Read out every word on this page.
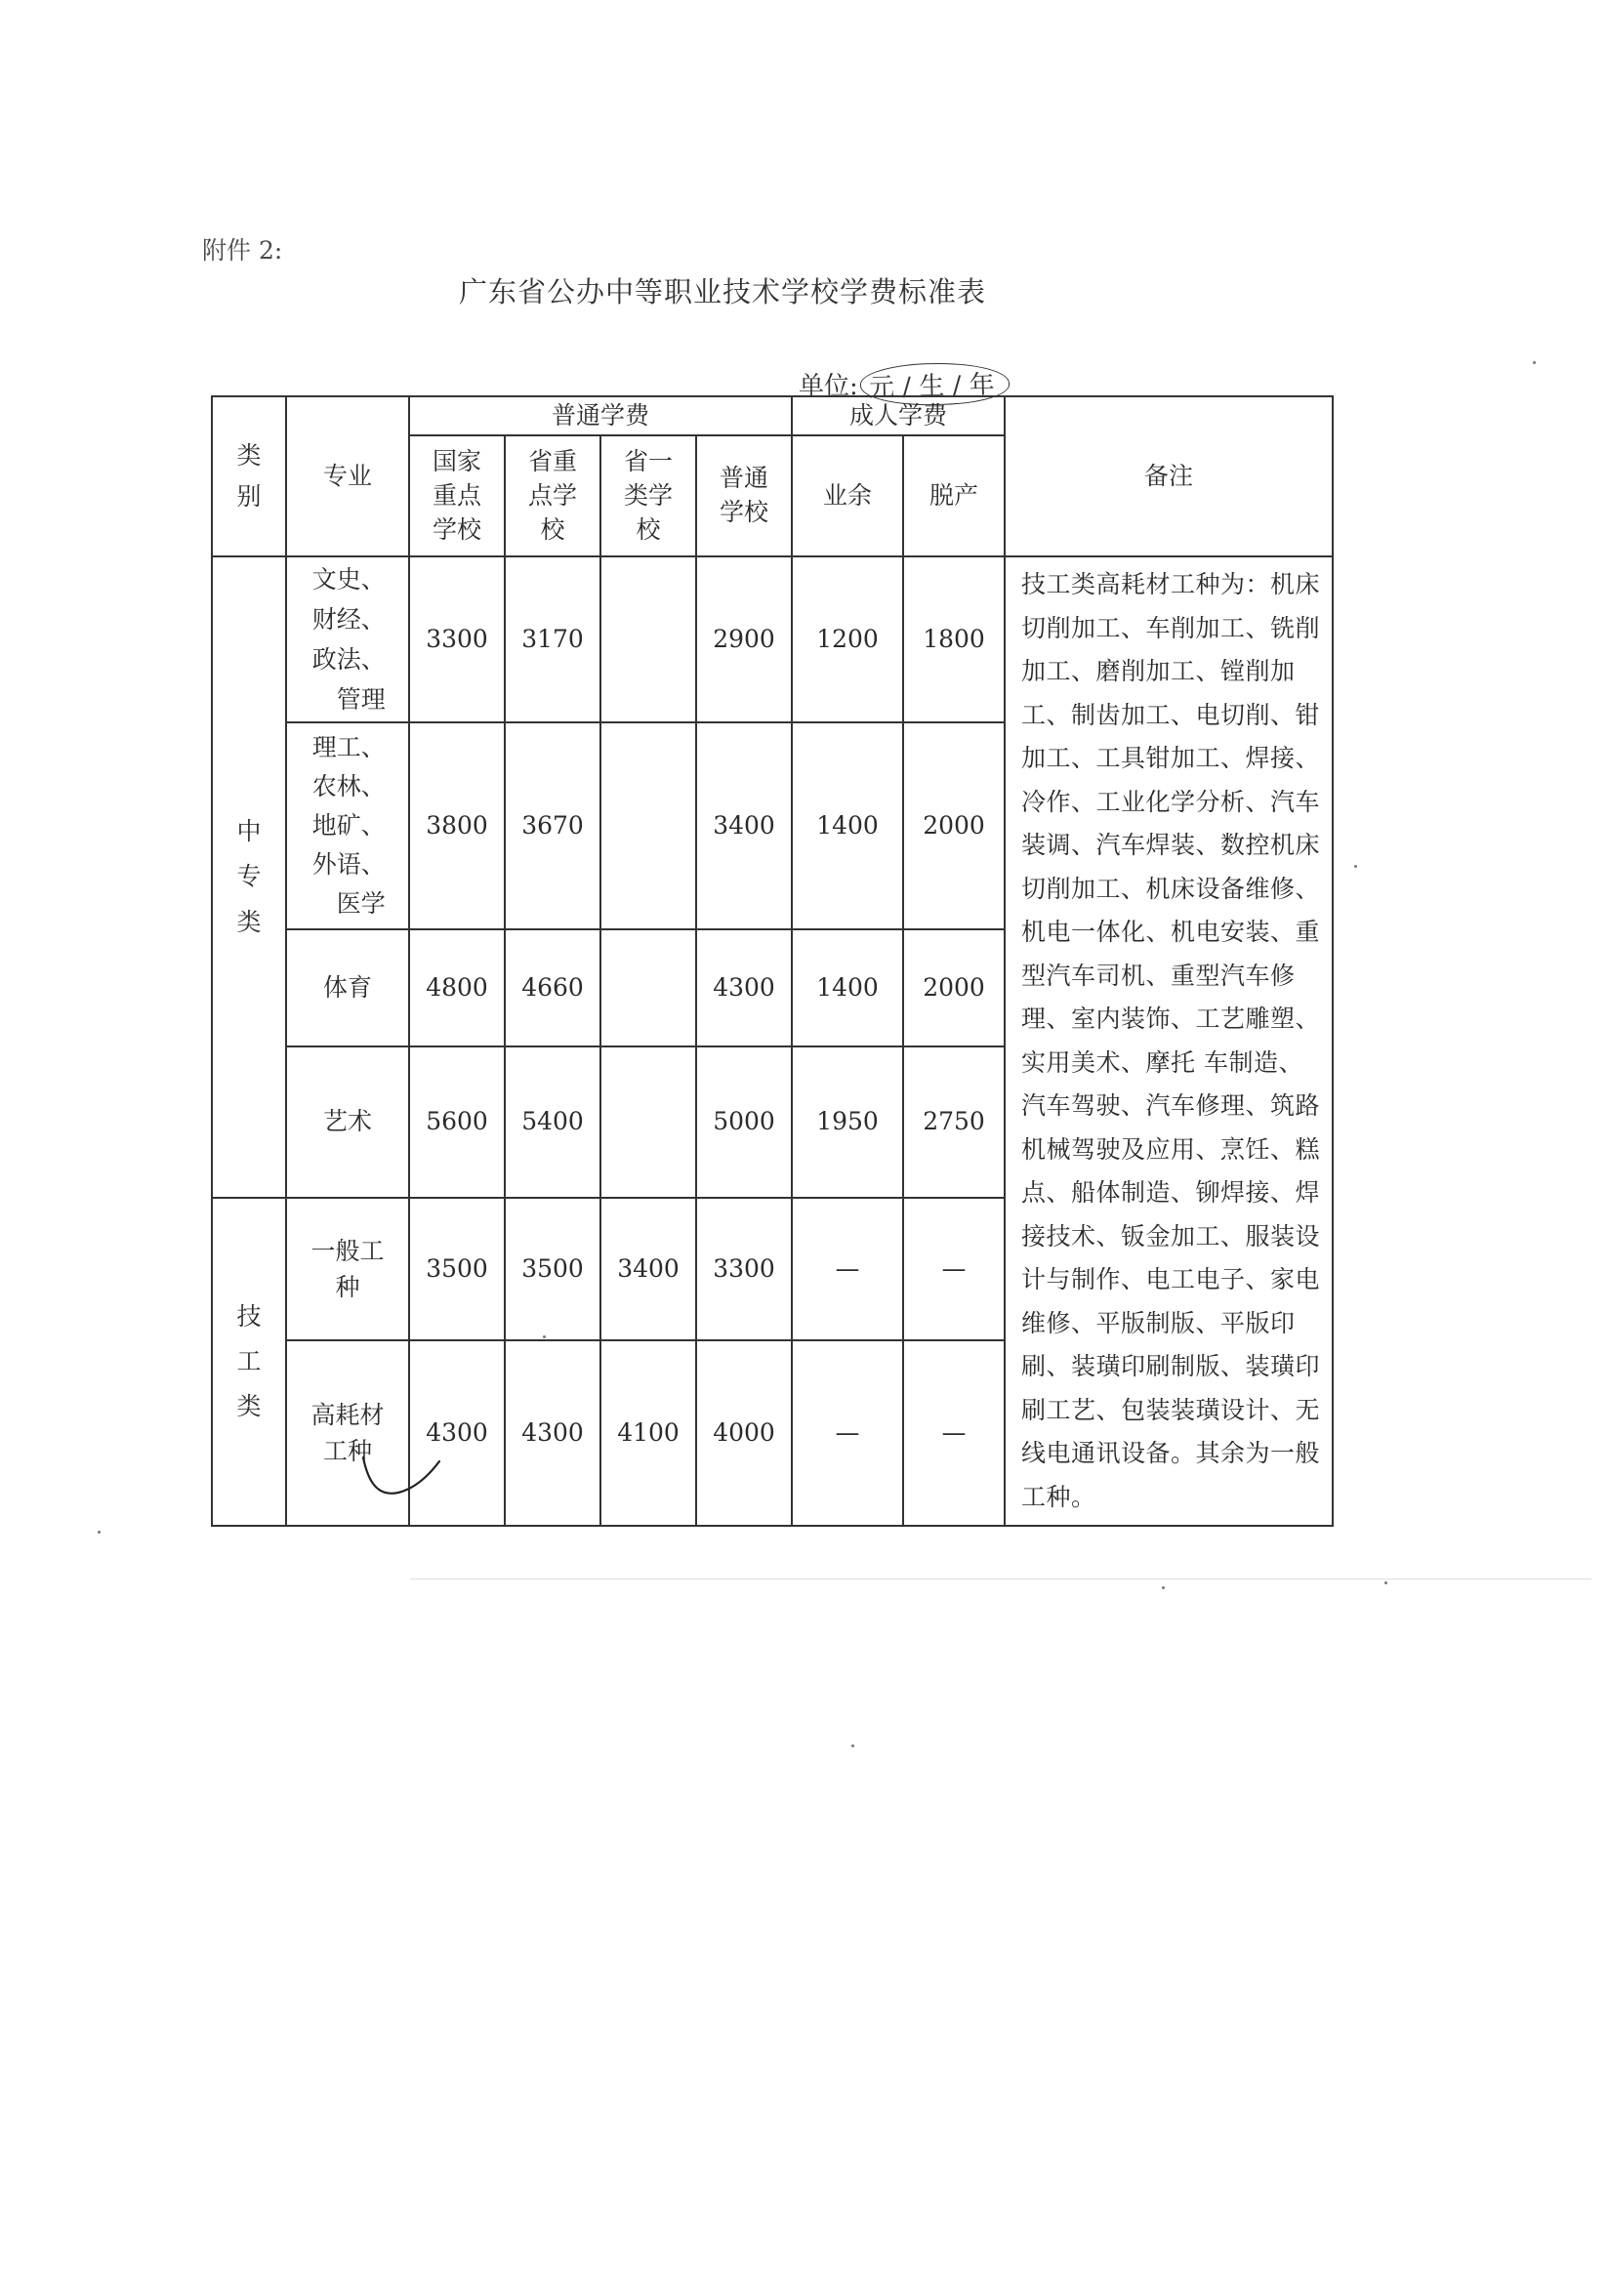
附件 2:
广东省公办中等职业技术学校学费标准表
单位: 元 / 生 / 年
类别	专业	普通学费				成人学费		备注
		国家重点学校	省重点学校	省一类学校	普通学校	业余	脱产	
中专类	文史、财经、政法、管理	3300	3170		2900	1200	1800	技工类高耗材工种为：机床切削加工、车削加工、铣削加工、磨削加工、镗削加 工、制齿加工、电切削、钳加工、工具钳加工、焊接、冷作、工业化学分析、汽车装调、汽车焊装、数控机床切削加工、机床设备维修、机电一体化、机电安装、重型汽车司机、重型汽车修理、室内装饰、工艺雕塑、实用美术、摩托 车制造、汽车驾驶、汽车修理、筑路机械驾驶及应用、烹饪、糕点、船体制造、铆焊接、焊接技术、钣金加工、服装设计与制作、电工电子、家电维修、平版制版、平版印刷、装璜印刷制版、装璜印刷工艺、包装装璜设计、无线电通讯设备。其余为一般工种。
	理工、农林、地矿、外语、医学	3800	3670		3400	1400	2000	
	体育	4800	4660		4300	1400	2000	
	艺术	5600	5400		5000	1950	2750	
技工类	一般工种	3500	3500	3400	3300	—	—	
	高耗材工种	4300	4300	4100	4000	—	—	
